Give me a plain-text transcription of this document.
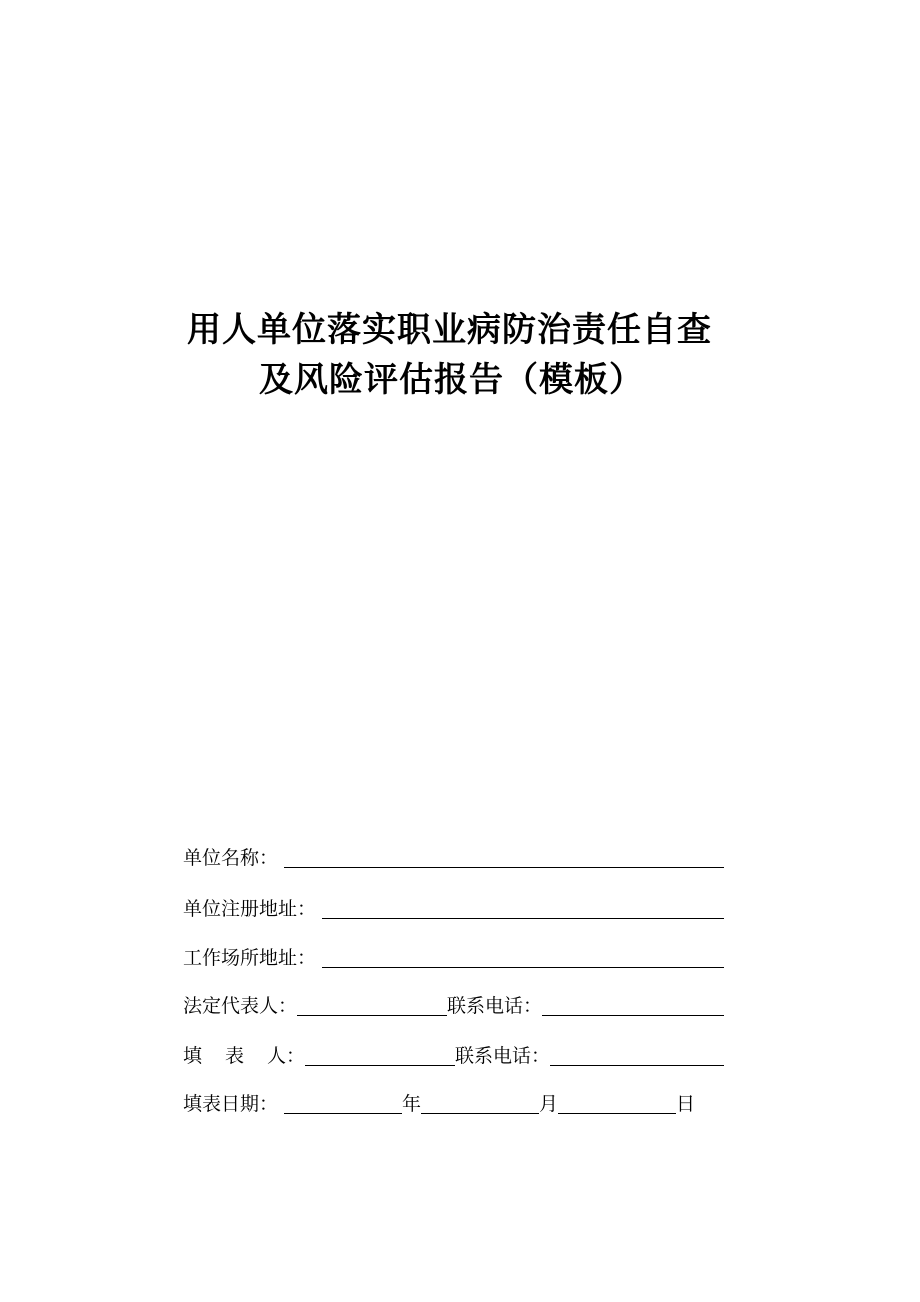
用人单位落实职业病防治责任自查
及风险评估报告（模板）
单位名称：
单位注册地址：
工作场所地址：
法定代表人：	联系电话：
填 表 人：	联系电话：
填表日期：	年	月	日
